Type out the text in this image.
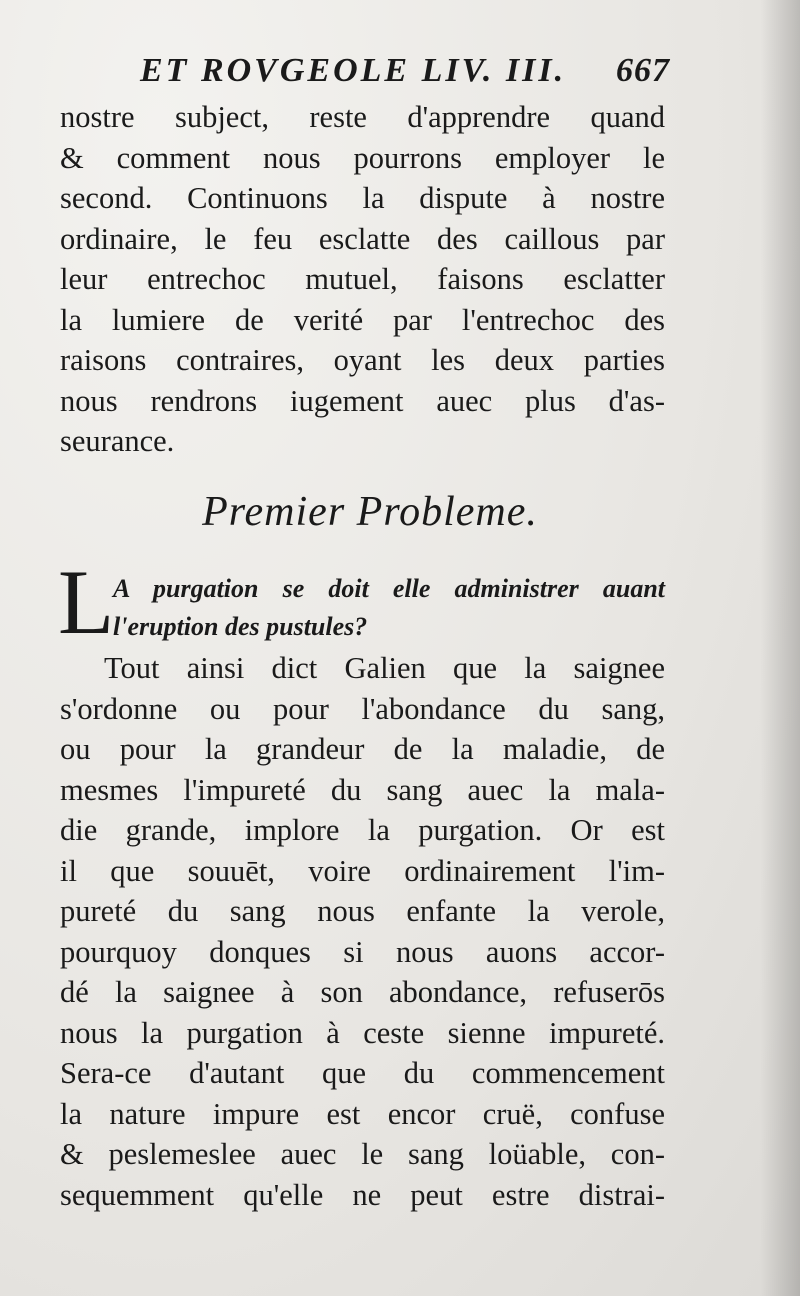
ET ROVGEOLE LIV. III. 667
nostre subject, reste d'apprendre quand
& comment nous pourrons employer le
second. Continuons la dispute à nostre
ordinaire, le feu esclatte des caillous par
leur entrechoc mutuel, faisons esclatter
la lumiere de verité par l'entrechoc des
raisons contraires, oyant les deux parties
nous rendrons iugement auec plus d'as-
seurance.
Premier Probleme.
L
A purgation se doit elle administrer auant
l'eruption des pustules?
Tout ainsi dict Galien que la saignee
s'ordonne ou pour l'abondance du sang,
ou pour la grandeur de la maladie, de
mesmes l'impureté du sang auec la mala-
die grande, implore la purgation. Or est
il que souuēt, voire ordinairement l'im-
pureté du sang nous enfante la verole,
pourquoy donques si nous auons accor-
dé la saignee à son abondance, refuserōs
nous la purgation à ceste sienne impureté.
Sera-ce d'autant que du commencement
la nature impure est encor cruë, confuse
& peslemeslee auec le sang loüable, con-
sequemment qu'elle ne peut estre distrai-
